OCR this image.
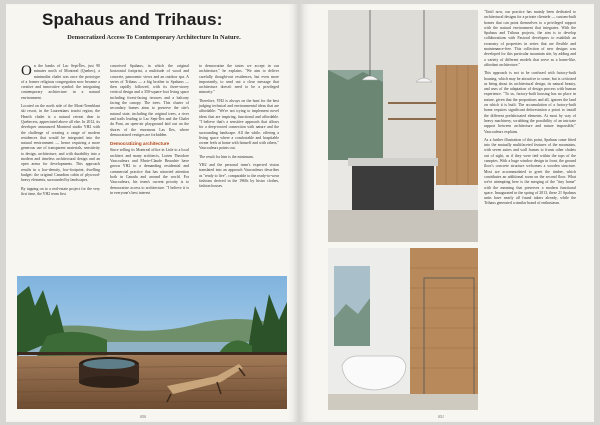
Spahaus and Trihaus:
Democratized Access To Contemporary Architecture In Nature.

On the banks of Lac Sept-Îles, just 90 minutes north of Montreal (Quebec), a minimalist chalet was once the prototype of a former religious congregation now became a creative and innovative symbol: the integrating contemporary architecture in a natural environment.

Located on the north side of the Mont-Tremblant ski resort, in the Laurentians tourist region, the Hearth chalet is a natural retreat dear to Quebecers, appreciated above all else. In 2012, its developer announced Montreal studio YH2 with the challenge of creating a range of modern residences that would be integrated into the natural environment — hence requiring a more generous use of transparent materials, sensitivity to design, architecture, and with durability into a modern and timeless architectural design and an open arena for developments. This approach results in a low-density, low-footprint, dwelling budget: the original Canadian cabin of plywood-heavy elements, surrounded by landscapes.

By tapping on to a real-estate project for the very first time, the YH2 team first

conceived Spahaus, in which the original horizontal footprint, a multitude of wood and concrete, panoramic views and an outdoor spa. A series of Trihaus — a big brother to Spahaus — then rapidly followed, with its three-storey vertical design and a 350-square-foot living space including forest-facing terraces and a balcony facing the canopy. The trees. This cluster of secondary homes aims to preserve the site's natural state, including the original trees, a river and trails leading to Lac Sept-Îles and the Chalet du Pont, an open-air playground laid out on the shores of the enormous Las Iles, where democratized vestiges are forbidden.

Democratizing architecture

Since selling its Montreal office in Lisle to a local architect and many architects, Lorien Theodore Vaucouleurs and Marie-Claude Beaudrie have grown YH2 to a demanding residential and commercial practice that has attracted attention both in Canada and around the world. For Vaucouleurs, his team's current priority is to democratize access to architecture. "I believe it is in everyone's best interest

to democratize the tastes we accept in our architecture," he explains. "We aim to deliver carefully thought-out residences, but even more importantly, to send out a clear message that architecture doesn't need to be a privileged minority."

Therefore, YH2 is always on the hunt for the best judging technical and environmental ideas that are affordable: "We're not trying to implement novel ideas that are inspiring, functional and affordable. "I believe that's a sensitive approach that allows for a deep-rooted connection with nature and the surrounding landscape. All the while, offering a living space where a comfortable and hospitable owner feels at home with himself and with others," Vaucouleurs points out.

The result for him is the minimum.

YH2 and the personal team's expected vision translated into an approach Vaucouleurs describes as "ready to live", comparable to the ready-to-wear fashions derived in the 1960s by bistro clothes, fashion houses.

050

"Until now, our practice has mainly been dedicated to architectural designs for a private clientele — custom-built homes that can point themselves to a privileged rapport with the natural environment that integrates. With the Spahaus and Trihaus projects, the aim is to develop collaborations with Pastoral developers to establish an economy of properties in series that are flexible and maintenance-free. This collection of new designs was developed for this particular mountain site, by adding and a variety of different models that serve as a home-like, affordant architecture."

This approach is not to be confused with factory-built housing, which may be attractive to some, but is criticized as being about its architectural design, its natural beauty, and uses of the adaptation of design process with human experience. "To us, factory-built housing has no place in nature, given that the proportions and all, ignores the land on which it is built. The accumulation of a factory-built home requires significant deforestation a priori to install the different prefabricated elements. At most by way of heavy machinery, scrubbing the possibility of an intricate rapport between architecture and nature impossible," Vaucouleurs explains.

As a further illustration of this point, Spahaus came fitted into the mutually multifaceted features of the mountains, with seven suites and wall frames to fronts other chalets out of sight, as if they were tied within the tops of the canopies. With a huge window design in front, the ground floor's concrete structure welcomes a wooden structure. Most are accommodated to greet the timber, which contributes an additional room on the second floor. What we're attempting here is the merging of the "tiny home" with the meaning that preserves a modern functional space. Inaugurated in the spring of 2013, these 21 Spahaus units have nearly all found takers already, while the Trihaus generated a similar brand of enthusiasm.

051
